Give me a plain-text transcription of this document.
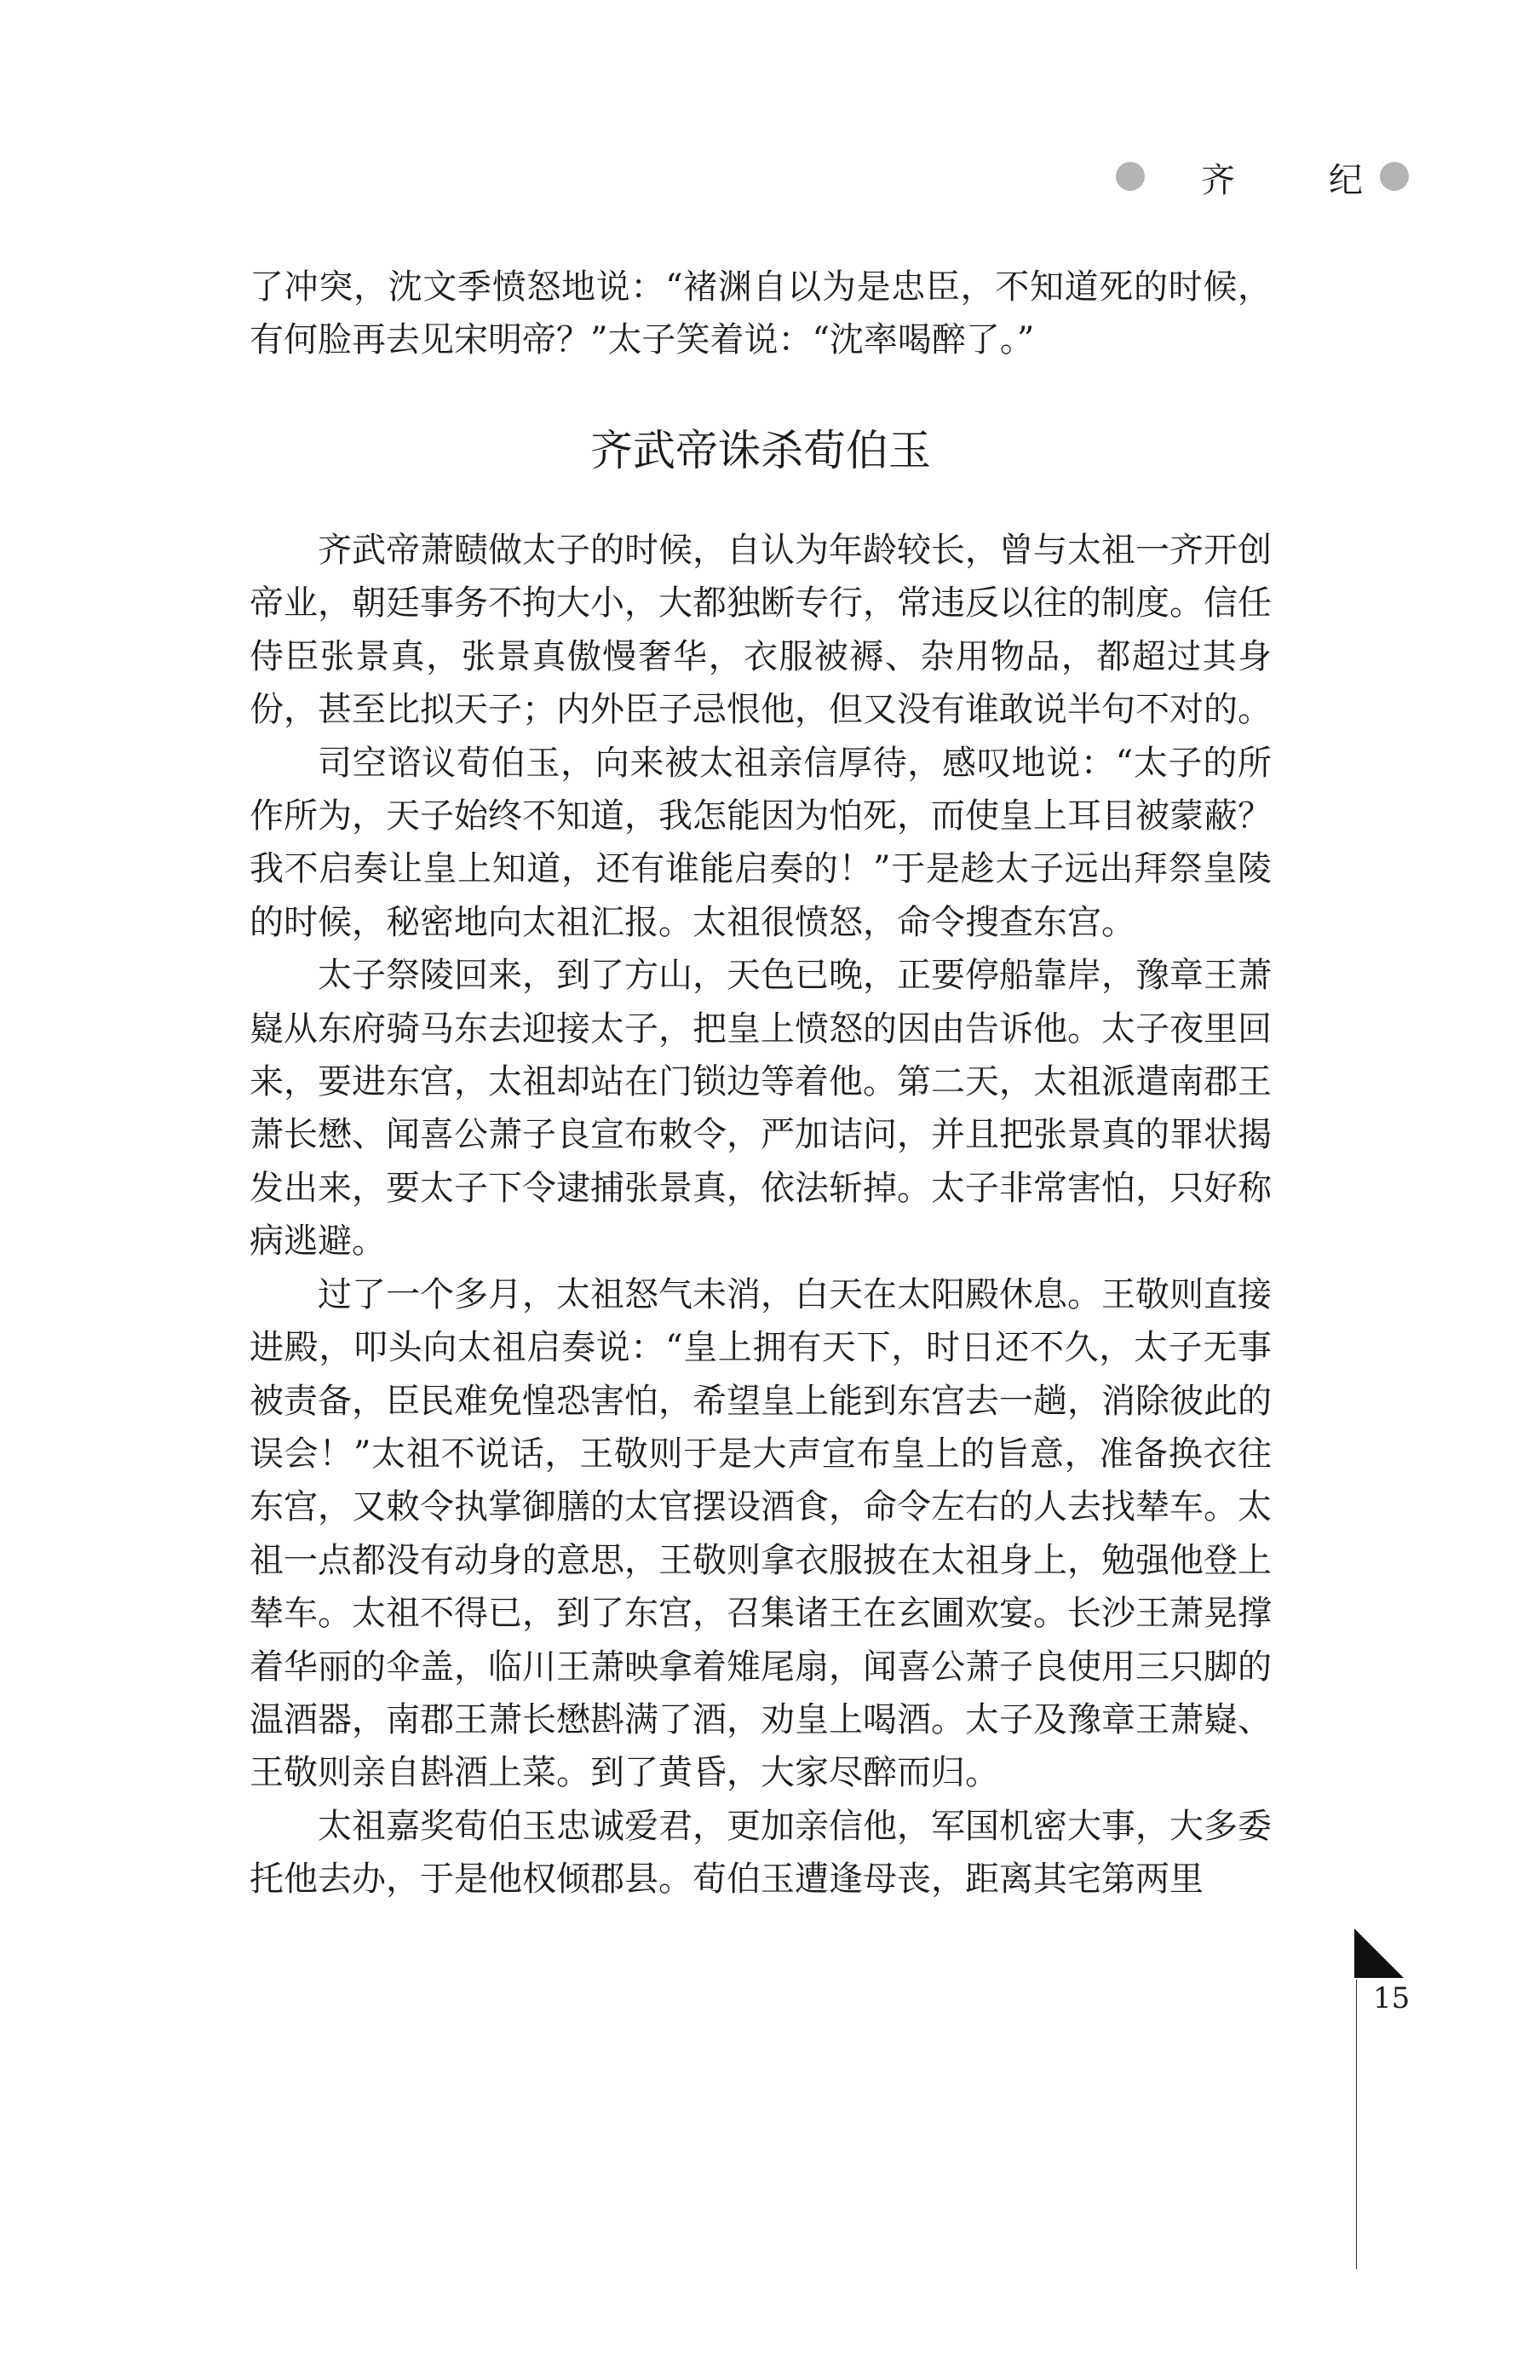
齐	纪

了冲突，沈文季愤怒地说：“褚渊自以为是忠臣，不知道死的时候，有何脸再去见宋明帝？”太子笑着说：“沈率喝醉了。”

齐武帝诛杀荀伯玉

齐武帝萧赜做太子的时候，自认为年龄较长，曾与太祖一齐开创帝业，朝廷事务不拘大小，大都独断专行，常违反以往的制度。信任侍臣张景真，张景真傲慢奢华，衣服被褥、杂用物品，都超过其身份，甚至比拟天子；内外臣子忌恨他，但又没有谁敢说半句不对的。

司空谘议荀伯玉，向来被太祖亲信厚待，感叹地说：“太子的所作所为，天子始终不知道，我怎能因为怕死，而使皇上耳目被蒙蔽？我不启奏让皇上知道，还有谁能启奏的！”于是趁太子远出拜祭皇陵的时候，秘密地向太祖汇报。太祖很愤怒，命令搜查东宫。

太子祭陵回来，到了方山，天色已晚，正要停船靠岸，豫章王萧嶷从东府骑马东去迎接太子，把皇上愤怒的因由告诉他。太子夜里回来，要进东宫，太祖却站在门锁边等着他。第二天，太祖派遣南郡王萧长懋、闻喜公萧子良宣布敕令，严加诘问，并且把张景真的罪状揭发出来，要太子下令逮捕张景真，依法斩掉。太子非常害怕，只好称病逃避。

过了一个多月，太祖怒气未消，白天在太阳殿休息。王敬则直接进殿，叩头向太祖启奏说：“皇上拥有天下，时日还不久，太子无事被责备，臣民难免惶恐害怕，希望皇上能到东宫去一趟，消除彼此的误会！”太祖不说话，王敬则于是大声宣布皇上的旨意，准备换衣往东宫，又敕令执掌御膳的太官摆设酒食，命令左右的人去找辇车。太祖一点都没有动身的意思，王敬则拿衣服披在太祖身上，勉强他登上辇车。太祖不得已，到了东宫，召集诸王在玄圃欢宴。长沙王萧晃撑着华丽的伞盖，临川王萧映拿着雉尾扇，闻喜公萧子良使用三只脚的温酒器，南郡王萧长懋斟满了酒，劝皇上喝酒。太子及豫章王萧嶷、王敬则亲自斟酒上菜。到了黄昏，大家尽醉而归。

太祖嘉奖荀伯玉忠诚爱君，更加亲信他，军国机密大事，大多委托他去办，于是他权倾郡县。荀伯玉遭逢母丧，距离其宅第两里

15
